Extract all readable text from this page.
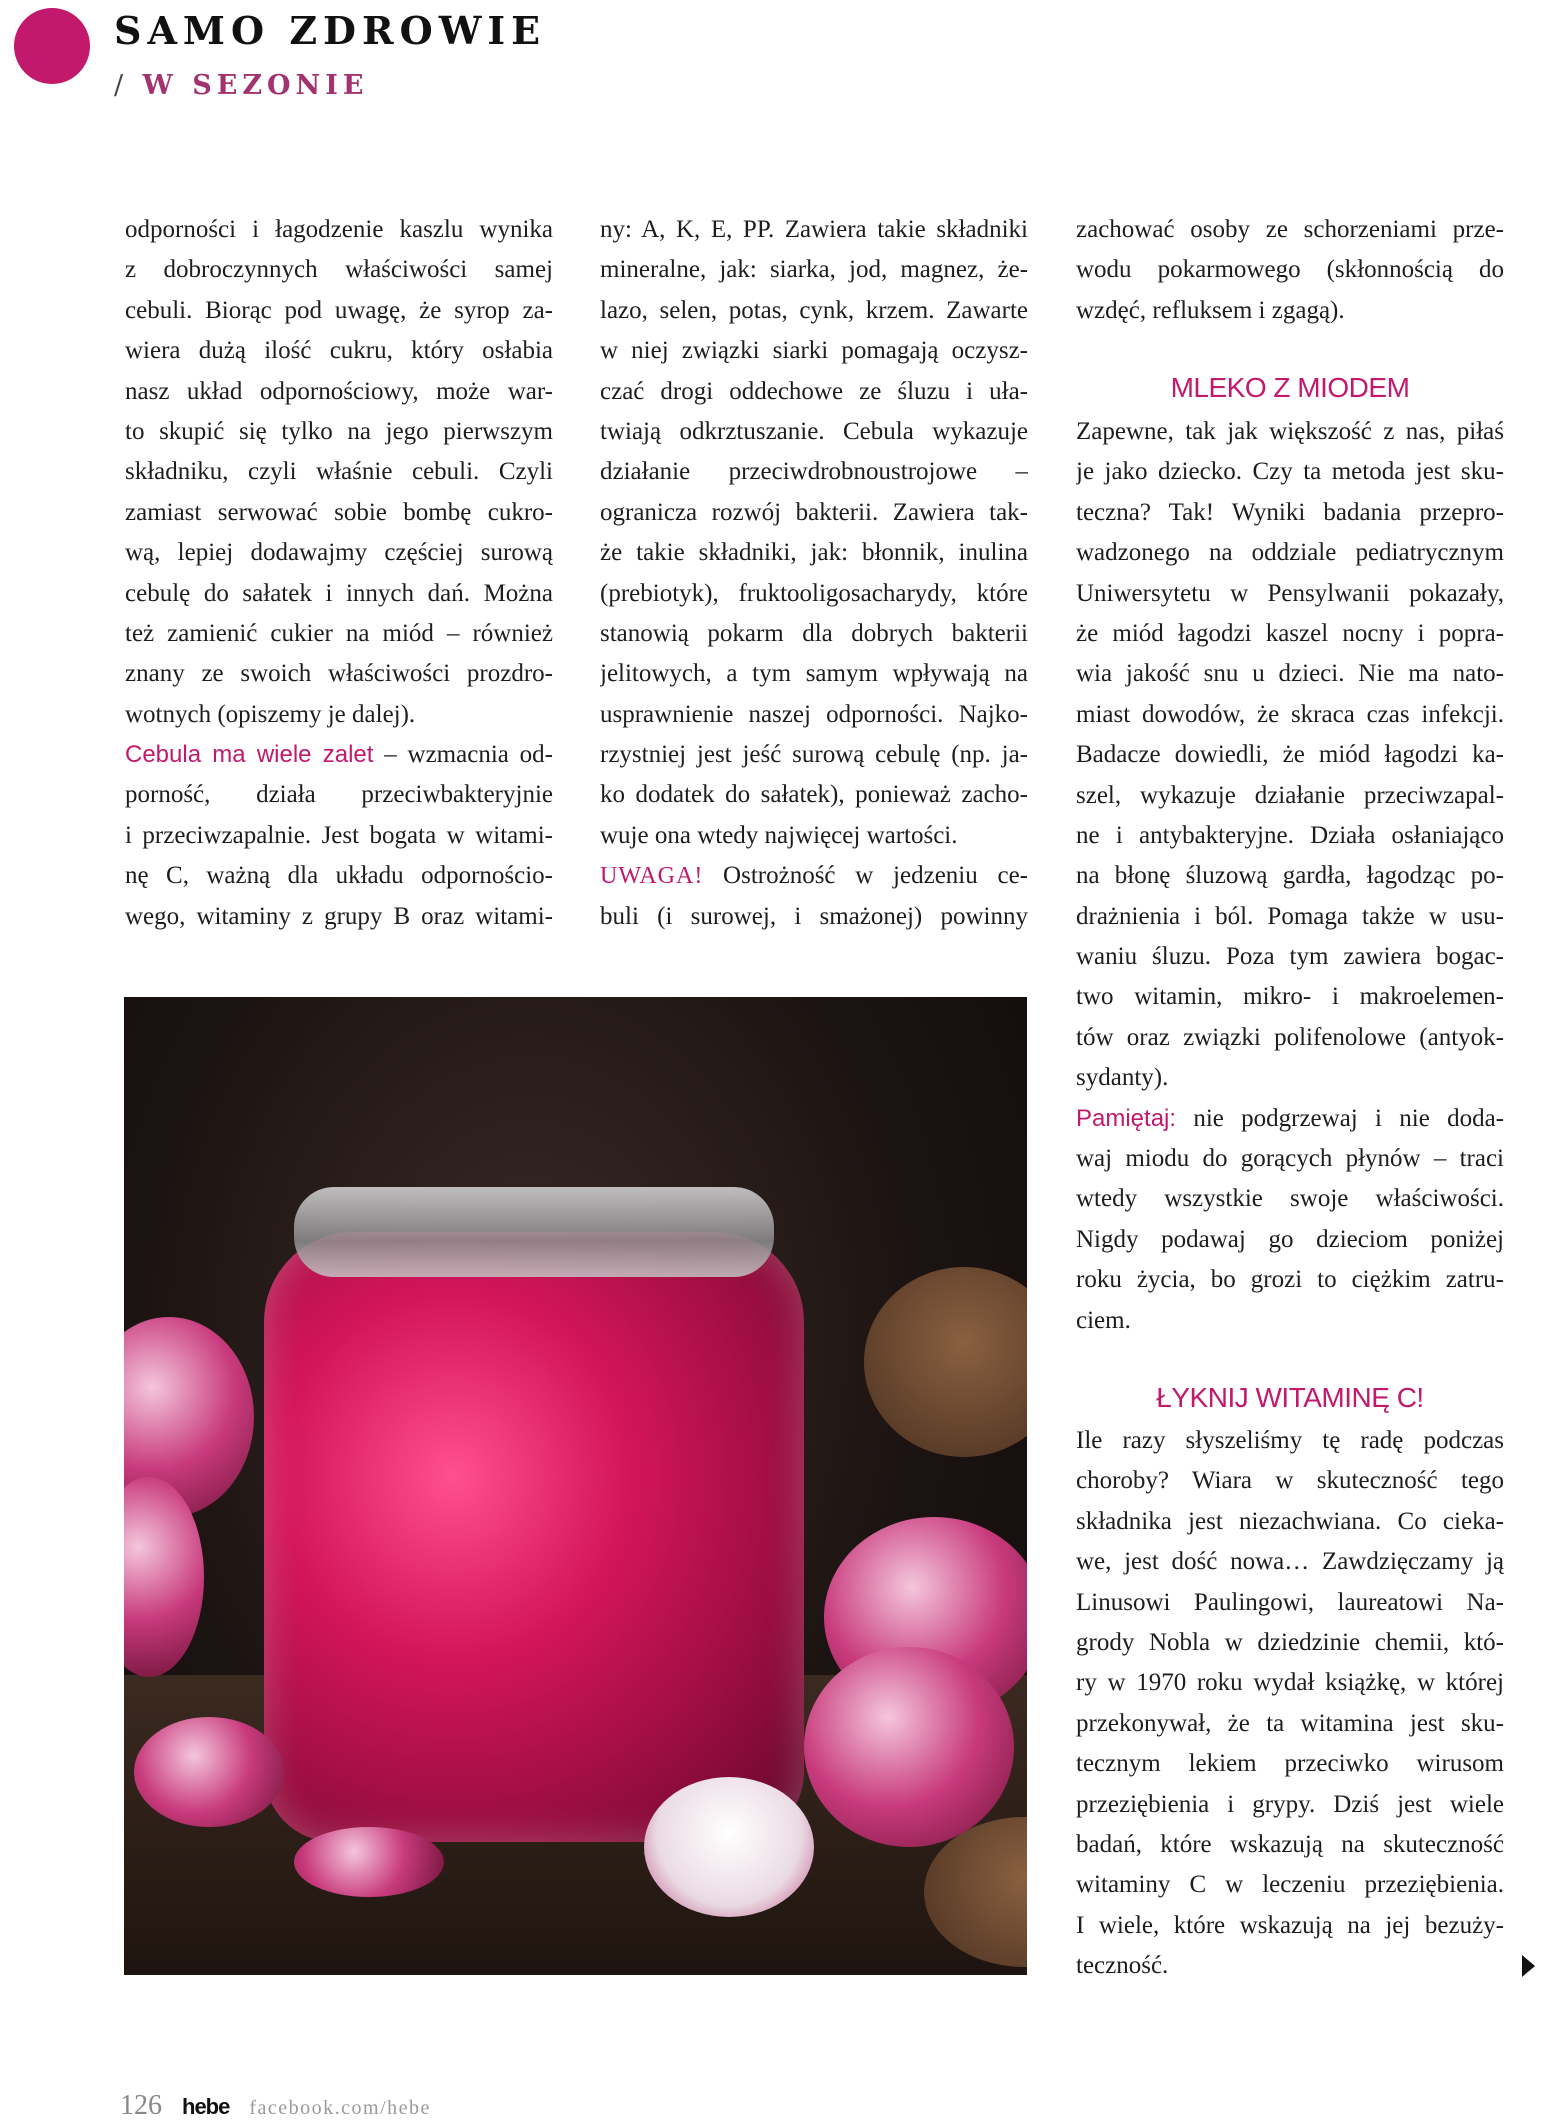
SAMO ZDROWIE
/ W SEZONIE
odporności i łagodzenie kaszlu wynika
z dobroczynnych właściwości samej
cebuli. Biorąc pod uwagę, że syrop za-
wiera dużą ilość cukru, który osłabia
nasz układ odpornościowy, może war-
to skupić się tylko na jego pierwszym
składniku, czyli właśnie cebuli. Czyli
zamiast serwować sobie bombę cukro-
wą, lepiej dodawajmy częściej surową
cebulę do sałatek i innych dań. Można
też zamienić cukier na miód – również
znany ze swoich właściwości prozdro-
wotnych (opiszemy je dalej).
Cebula ma wiele zalet – wzmacnia od-
porność, działa przeciwbakteryjnie
i przeciwzapalnie. Jest bogata w witami-
nę C, ważną dla układu odpornościo-
wego, witaminy z grupy B oraz witami-
ny: A, K, E, PP. Zawiera takie składniki
mineralne, jak: siarka, jod, magnez, że-
lazo, selen, potas, cynk, krzem. Zawarte
w niej związki siarki pomagają oczysz-
czać drogi oddechowe ze śluzu i uła-
twiają odkrztuszanie. Cebula wykazuje
działanie przeciwdrobnoustrojowe –
ogranicza rozwój bakterii. Zawiera tak-
że takie składniki, jak: błonnik, inulina
(prebiotyk), fruktooligosacharydy, które
stanowią pokarm dla dobrych bakterii
jelitowych, a tym samym wpływają na
usprawnienie naszej odporności. Najko-
rzystniej jest jeść surową cebulę (np. ja-
ko dodatek do sałatek), ponieważ zacho-
wuje ona wtedy najwięcej wartości.
UWAGA! Ostrożność w jedzeniu ce-
buli (i surowej, i smażonej) powinny
zachować osoby ze schorzeniami prze-
wodu pokarmowego (skłonnością do
wzdęć, refluksem i zgagą).
MLEKO Z MIODEM
Zapewne, tak jak większość z nas, piłaś
je jako dziecko. Czy ta metoda jest sku-
teczna? Tak! Wyniki badania przepro-
wadzonego na oddziale pediatrycznym
Uniwersytetu w Pensylwanii pokazały,
że miód łagodzi kaszel nocny i popra-
wia jakość snu u dzieci. Nie ma nato-
miast dowodów, że skraca czas infekcji.
Badacze dowiedli, że miód łagodzi ka-
szel, wykazuje działanie przeciwzapal-
ne i antybakteryjne. Działa osłaniająco
na błonę śluzową gardła, łagodząc po-
drażnienia i ból. Pomaga także w usu-
waniu śluzu. Poza tym zawiera bogac-
two witamin, mikro- i makroelemen-
tów oraz związki polifenolowe (antyok-
sydanty).
Pamiętaj: nie podgrzewaj i nie doda-
waj miodu do gorących płynów – traci
wtedy wszystkie swoje właściwości.
Nigdy podawaj go dzieciom poniżej
roku życia, bo grozi to ciężkim zatru-
ciem.
ŁYKNIJ WITAMINĘ C!
Ile razy słyszeliśmy tę radę podczas
choroby? Wiara w skuteczność tego
składnika jest niezachwiana. Co cieka-
we, jest dość nowa… Zawdzięczamy ją
Linusowi Paulingowi, laureatowi Na-
grody Nobla w dziedzinie chemii, któ-
ry w 1970 roku wydał książkę, w której
przekonywał, że ta witamina jest sku-
tecznym lekiem przeciwko wirusom
przeziębienia i grypy. Dziś jest wiele
badań, które wskazują na skuteczność
witaminy C w leczeniu przeziębienia.
I wiele, które wskazują na jej bezuży-
teczność.
126 hebe facebook.com/hebe
